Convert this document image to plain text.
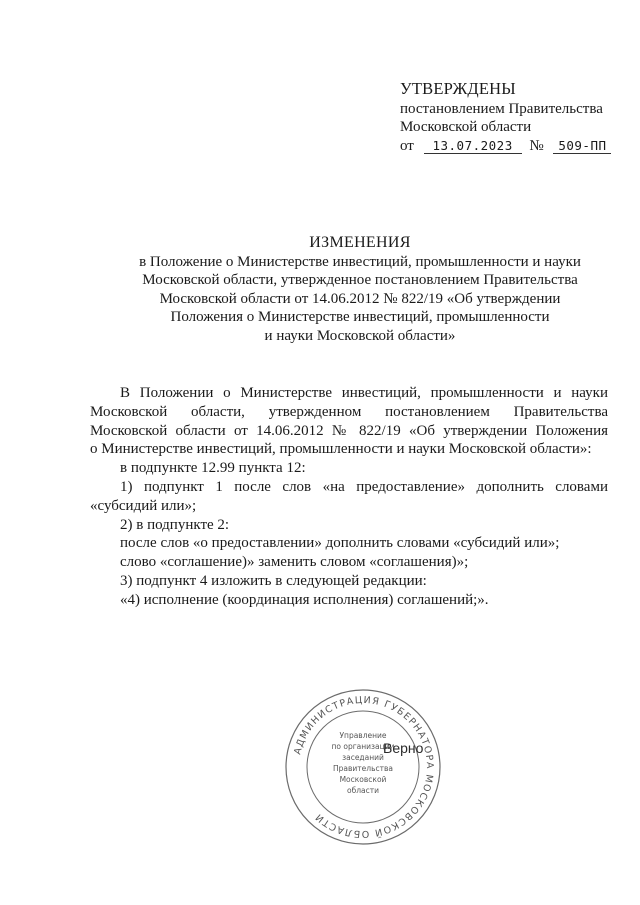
УТВЕРЖДЕНЫ
постановлением Правительства
Московской области
от 13.07.2023 № 509-ПП
ИЗМЕНЕНИЯ
в Положение о Министерстве инвестиций, промышленности и науки
Московской области, утвержденное постановлением Правительства
Московской области от 14.06.2012 № 822/19 «Об утверждении
Положения о Министерстве инвестиций, промышленности
и науки Московской области»

В Положении о Министерстве инвестиций, промышленности и науки

Московской области, утвержденном постановлением Правительства

Московской области от 14.06.2012 № 822/19 «Об утверждении Положения

о Министерстве инвестиций, промышленности и науки Московской области»:

в подпункте 12.99 пункта 12:

1) подпункт 1 после слов «на предоставление» дополнить словами

«субсидий или»;

2) в подпункте 2:

после слов «о предоставлении» дополнить словами «субсидий или»;

слово «соглашение)» заменить словом «соглашения)»;

3) подпункт 4 изложить в следующей редакции:

«4) исполнение (координация исполнения) соглашений;».

АДМИНИСТРАЦИЯ ГУБЕРНАТОРА МОСКОВСКОЙ ОБЛАСТИ
Управление
по организации
заседаний
Правительства
Московской
области
Верно
